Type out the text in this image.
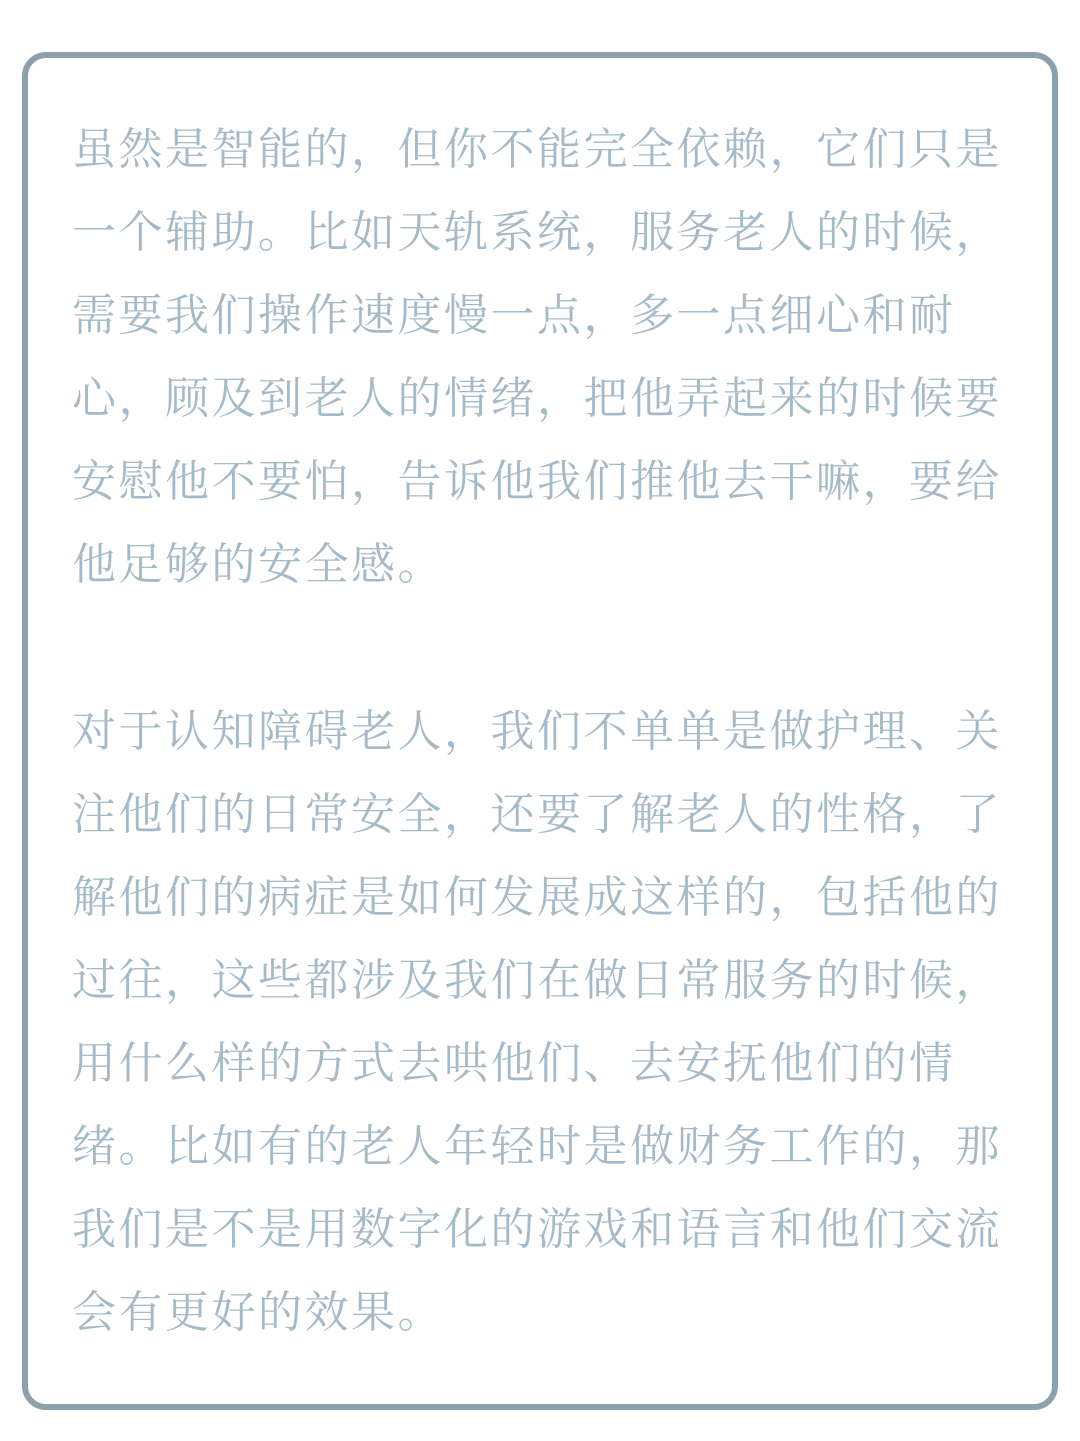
虽然是智能的，但你不能完全依赖，它们只是
一个辅助。比如天轨系统，服务老人的时候，
需要我们操作速度慢一点，多一点细心和耐
心，顾及到老人的情绪，把他弄起来的时候要
安慰他不要怕，告诉他我们推他去干嘛，要给
他足够的安全感。
对于认知障碍老人，我们不单单是做护理、关
注他们的日常安全，还要了解老人的性格，了
解他们的病症是如何发展成这样的，包括他的
过往，这些都涉及我们在做日常服务的时候，
用什么样的方式去哄他们、去安抚他们的情
绪。比如有的老人年轻时是做财务工作的，那
我们是不是用数字化的游戏和语言和他们交流
会有更好的效果。
